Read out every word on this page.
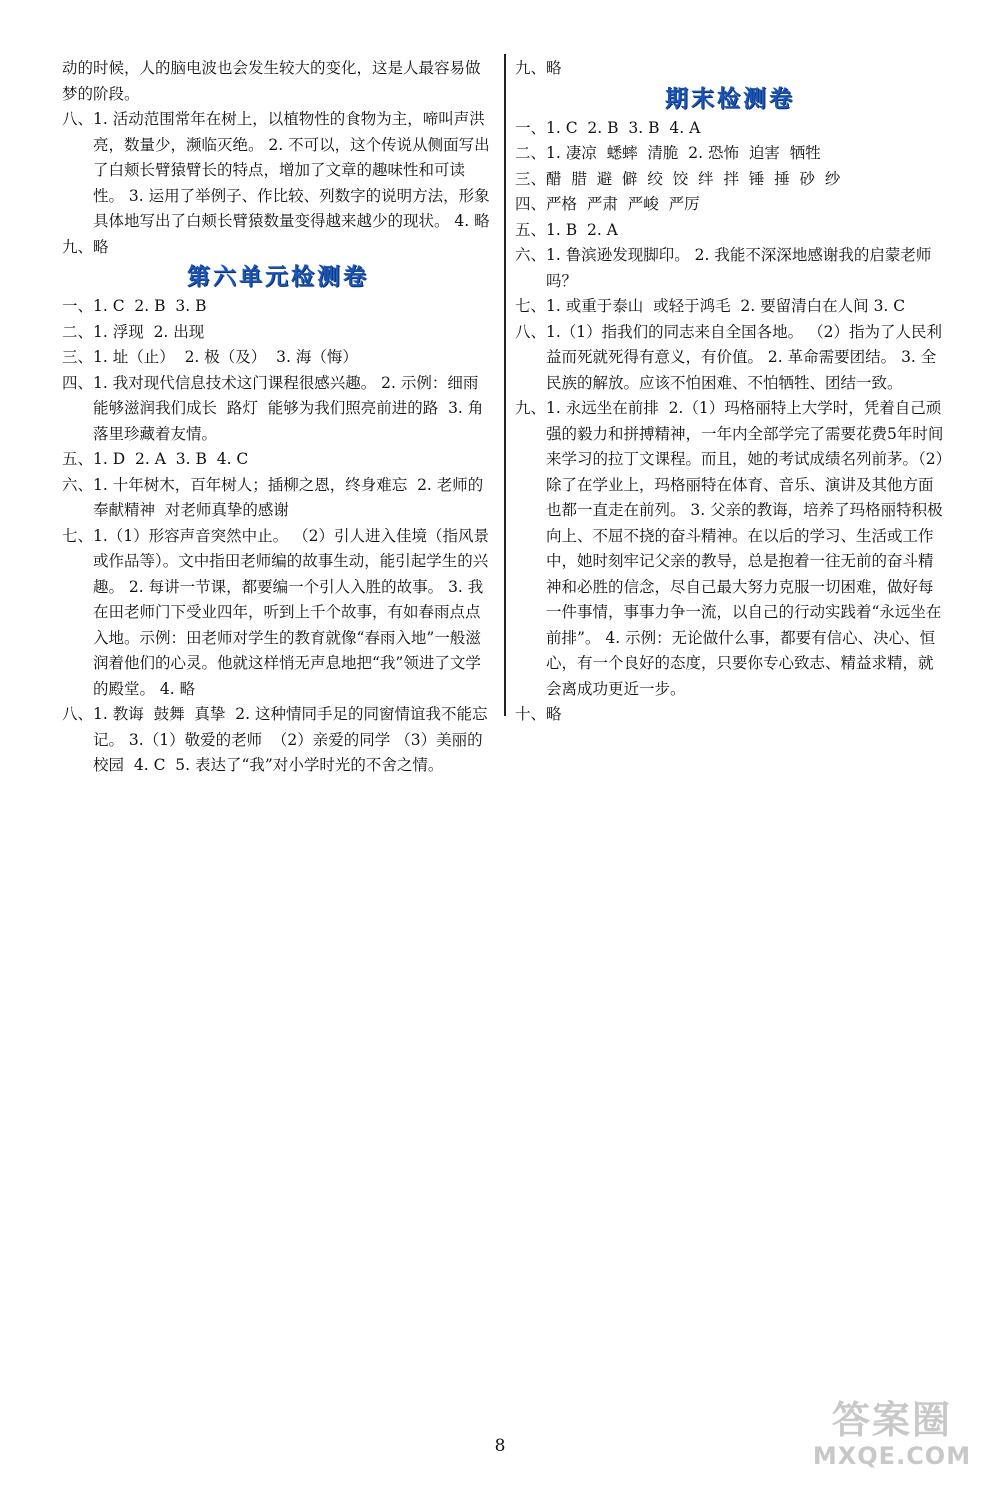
动的时候，人的脑电波也会发生较大的变化，这是人最容易做梦的阶段。
八、1. 活动范围常年在树上，以植物性的食物为主，啼叫声洪亮，数量少，濒临灭绝。 2. 不可以，这个传说从侧面写出了白颊长臂猿臂长的特点，增加了文章的趣味性和可读性。 3. 运用了举例子、作比较、列数字的说明方法，形象具体地写出了白颊长臂猿数量变得越来越少的现状。 4. 略
九、略
第六单元检测卷
一、1. C  2. B  3. B
二、1. 浮现  2. 出现
三、1. 址（止）  2. 极（及）  3. 海（悔）
四、1. 我对现代信息技术这门课程很感兴趣。 2. 示例：细雨  能够滋润我们成长  路灯  能够为我们照亮前进的路  3. 角落里珍藏着友情。
五、1. D  2. A  3. B  4. C
六、1. 十年树木，百年树人；插柳之恩，终身难忘  2. 老师的奉献精神  对老师真挚的感谢
七、1.（1）形容声音突然中止。 （2）引人进入佳境（指风景或作品等）。文中指田老师编的故事生动，能引起学生的兴趣。 2. 每讲一节课，都要编一个引人入胜的故事。 3. 我在田老师门下受业四年，听到上千个故事，有如春雨点点入地。示例：田老师对学生的教育就像“春雨入地”一般滋润着他们的心灵。他就这样悄无声息地把“我”领进了文学的殿堂。 4. 略
八、1. 教诲  鼓舞  真挚  2. 这种情同手足的同窗情谊我不能忘记。 3.（1）敬爱的老师  （2）亲爱的同学 （3）美丽的校园  4. C  5. 表达了“我”对小学时光的不舍之情。
九、略
期末检测卷
一、1. C  2. B  3. B  4. A
二、1. 凄凉  蟋蟀  清脆  2. 恐怖  迫害  牺牲
三、醋  腊  避  僻  绞  饺  绊  拌  锤  捶  砂  纱
四、严格  严肃  严峻  严厉
五、1. B  2. A
六、1. 鲁滨逊发现脚印。 2. 我能不深深地感谢我的启蒙老师吗？
七、1. 或重于泰山  或轻于鸿毛  2. 要留清白在人间 3. C
八、1.（1）指我们的同志来自全国各地。 （2）指为了人民利益而死就死得有意义，有价值。 2. 革命需要团结。 3. 全民族的解放。应该不怕困难、不怕牺牲、团结一致。
九、1. 永远坐在前排  2.（1）玛格丽特上大学时，凭着自己顽强的毅力和拼搏精神，一年内全部学完了需要花费5年时间来学习的拉丁文课程。而且，她的考试成绩名列前茅。（2）除了在学业上，玛格丽特在体育、音乐、演讲及其他方面也都一直走在前列。 3. 父亲的教诲，培养了玛格丽特积极向上、不屈不挠的奋斗精神。在以后的学习、生活或工作中，她时刻牢记父亲的教导，总是抱着一往无前的奋斗精神和必胜的信念，尽自己最大努力克服一切困难，做好每一件事情，事事力争一流，以自己的行动实践着“永远坐在前排”。 4. 示例：无论做什么事，都要有信心、决心、恒心，有一个良好的态度，只要你专心致志、精益求精，就会离成功更近一步。
十、略
8
答案圈
MXQE.COM
